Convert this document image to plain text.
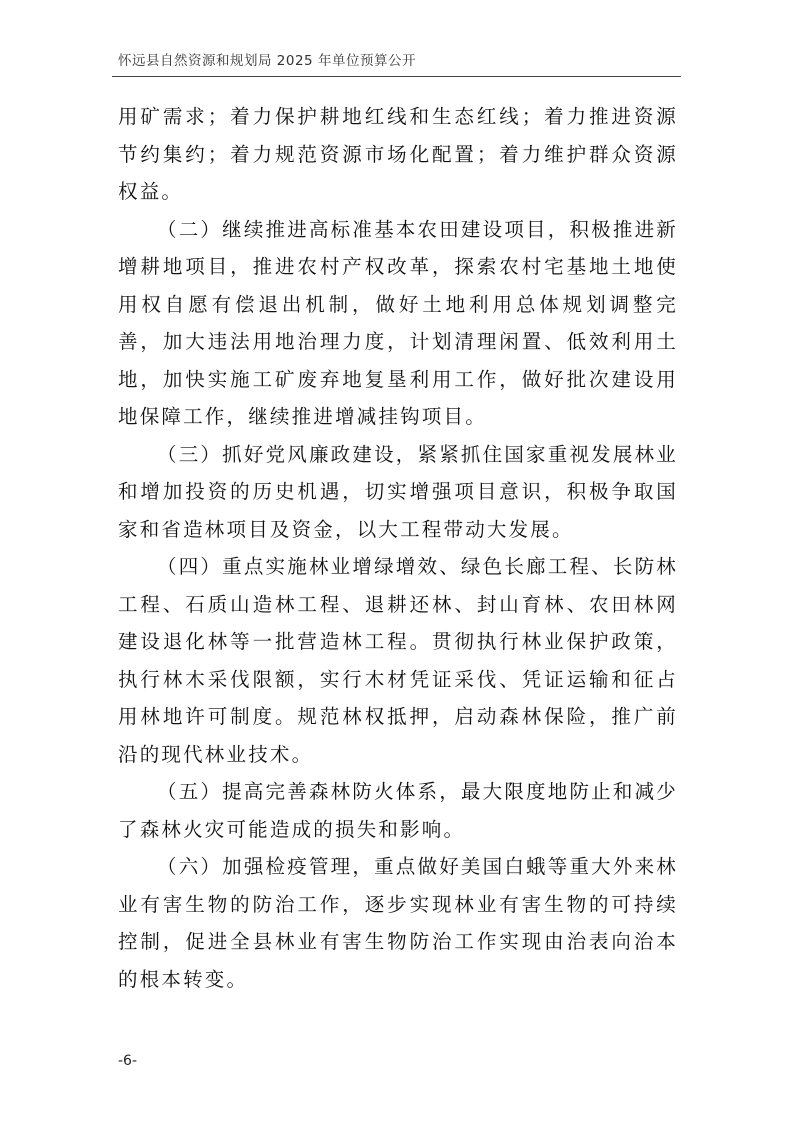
怀远县自然资源和规划局 2025 年单位预算公开

用矿需求；着力保护耕地红线和生态红线；着力推进资源节约集约；着力规范资源市场化配置；着力维护群众资源权益。

（二）继续推进高标准基本农田建设项目，积极推进新增耕地项目，推进农村产权改革，探索农村宅基地土地使用权自愿有偿退出机制，做好土地利用总体规划调整完善，加大违法用地治理力度，计划清理闲置、低效利用土地，加快实施工矿废弃地复垦利用工作，做好批次建设用地保障工作，继续推进增减挂钩项目。

（三）抓好党风廉政建设，紧紧抓住国家重视发展林业和增加投资的历史机遇，切实增强项目意识，积极争取国家和省造林项目及资金，以大工程带动大发展。

（四）重点实施林业增绿增效、绿色长廊工程、长防林工程、石质山造林工程、退耕还林、封山育林、农田林网建设退化林等一批营造林工程。贯彻执行林业保护政策，执行林木采伐限额，实行木材凭证采伐、凭证运输和征占用林地许可制度。规范林权抵押，启动森林保险，推广前沿的现代林业技术。

（五）提高完善森林防火体系，最大限度地防止和减少了森林火灾可能造成的损失和影响。

（六）加强检疫管理，重点做好美国白蛾等重大外来林业有害生物的防治工作，逐步实现林业有害生物的可持续控制，促进全县林业有害生物防治工作实现由治表向治本的根本转变。

-6-
